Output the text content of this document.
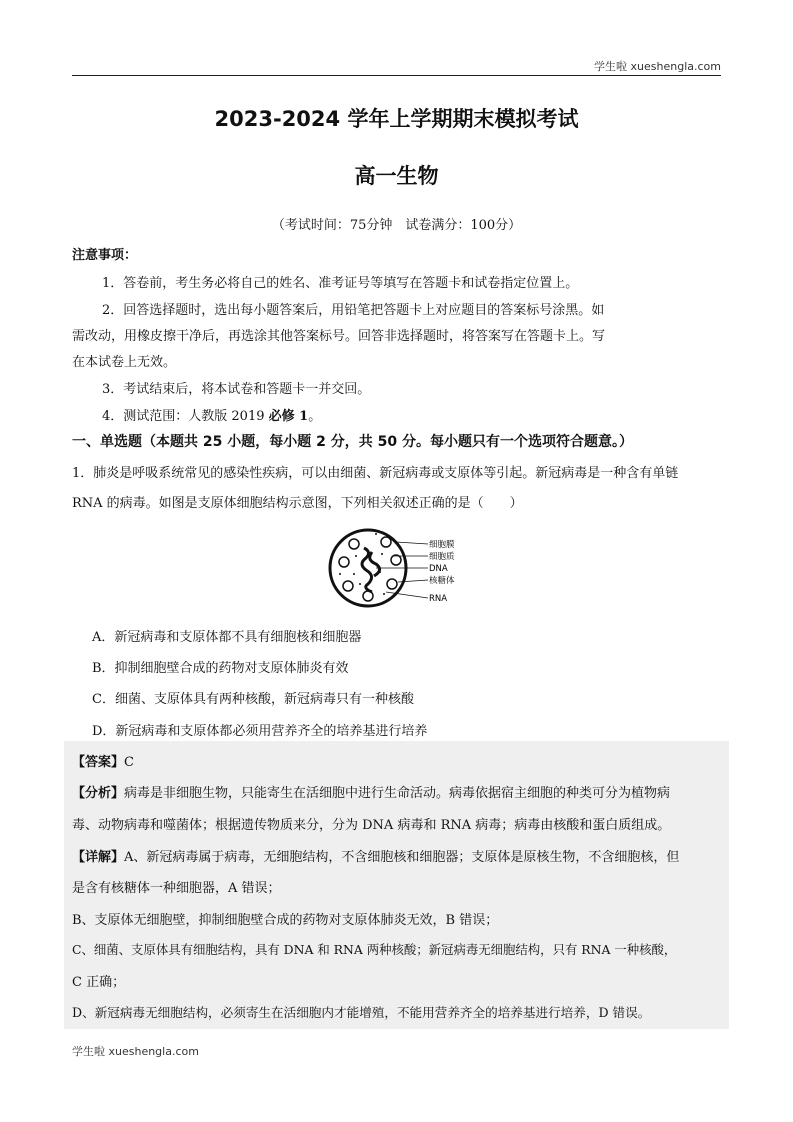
学生啦 xueshengla.com
2023-2024 学年上学期期末模拟考试
高一生物
（考试时间：75分钟　试卷满分：100分）
注意事项：
1．答卷前，考生务必将自己的姓名、准考证号等填写在答题卡和试卷指定位置上。
2．回答选择题时，选出每小题答案后，用铅笔把答题卡上对应题目的答案标号涂黑。如
需改动，用橡皮擦干净后，再选涂其他答案标号。回答非选择题时，将答案写在答题卡上。写
在本试卷上无效。
3．考试结束后，将本试卷和答题卡一并交回。
4．测试范围：人教版 2019 必修 1。
一、单选题（本题共 25 小题，每小题 2 分，共 50 分。每小题只有一个选项符合题意。）
1．肺炎是呼吸系统常见的感染性疾病，可以由细菌、新冠病毒或支原体等引起。新冠病毒是一种含有单链
RNA 的病毒。如图是支原体细胞结构示意图，下列相关叙述正确的是（　　）
细胞膜
细胞质
DNA
核糖体
RNA
A．新冠病毒和支原体都不具有细胞核和细胞器
B．抑制细胞壁合成的药物对支原体肺炎有效
C．细菌、支原体具有两种核酸，新冠病毒只有一种核酸
D．新冠病毒和支原体都必须用营养齐全的培养基进行培养
【答案】C
【分析】病毒是非细胞生物，只能寄生在活细胞中进行生命活动。病毒依据宿主细胞的种类可分为植物病
毒、动物病毒和噬菌体；根据遗传物质来分，分为 DNA 病毒和 RNA 病毒；病毒由核酸和蛋白质组成。
【详解】A、新冠病毒属于病毒，无细胞结构，不含细胞核和细胞器；支原体是原核生物，不含细胞核，但
是含有核糖体一种细胞器，A 错误；
B、支原体无细胞壁，抑制细胞壁合成的药物对支原体肺炎无效，B 错误；
C、细菌、支原体具有细胞结构，具有 DNA 和 RNA 两种核酸；新冠病毒无细胞结构，只有 RNA 一种核酸，
C 正确；
D、新冠病毒无细胞结构，必须寄生在活细胞内才能增殖，不能用营养齐全的培养基进行培养，D 错误。
学生啦 xueshengla.com
